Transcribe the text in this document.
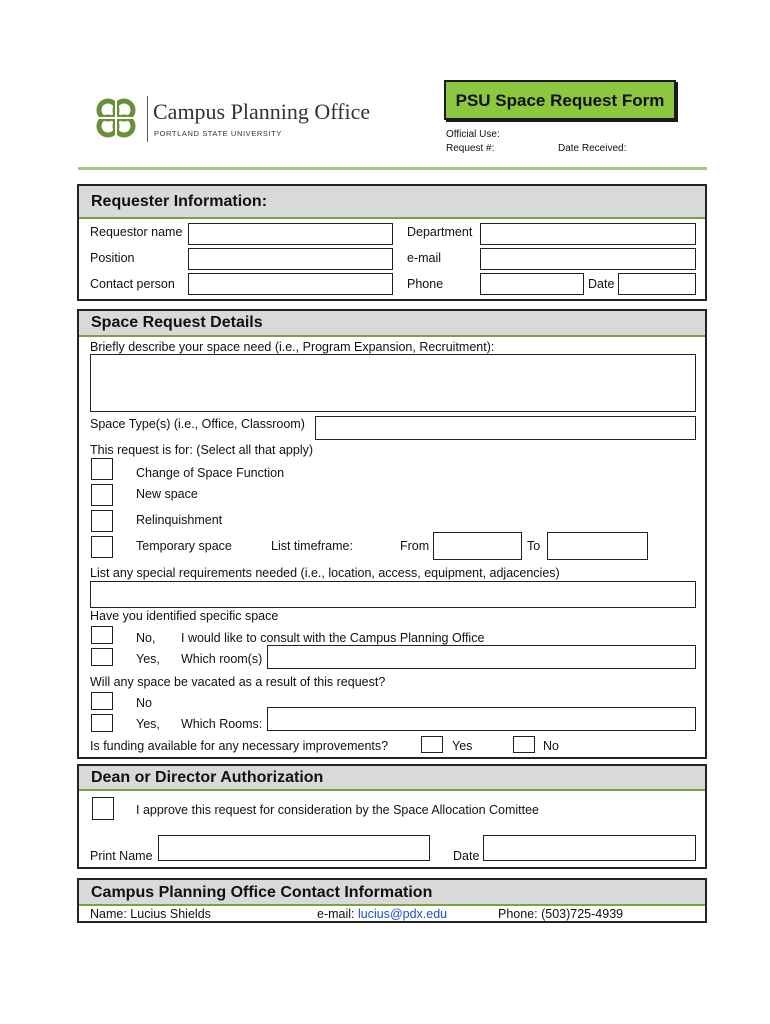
Campus Planning Office
PORTLAND STATE UNIVERSITY
PSU Space Request Form
Official Use:
Request #:	Date Received:
Requester Information:
Requestor name	Department
Position	e-mail
Contact person	Phone	Date
Space Request Details
Briefly describe your space need (i.e., Program Expansion, Recruitment):
Space Type(s) (i.e., Office, Classroom)
This request is for: (Select all that apply)
Change of Space Function
New space
Relinquishment
Temporary space	List timeframe:	From	To
List any special requirements needed (i.e., location, access, equipment, adjacencies)
Have you identified specific space
No, I would like to consult with the Campus Planning Office
Yes, Which room(s)
Will any space be vacated as a result of this request?
No
Yes, Which Rooms:
Is funding available for any necessary improvements?	Yes	No
Dean or Director Authorization
I approve this request for consideration by the Space Allocation Comittee
Print Name	Date
Campus Planning Office Contact Information
Name: Lucius Shields	e-mail: lucius@pdx.edu	Phone: (503)725-4939
